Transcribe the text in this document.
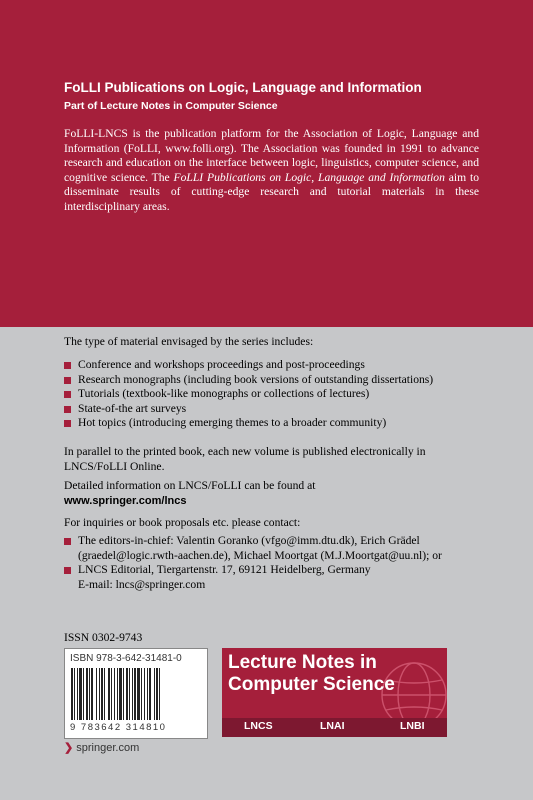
FoLLI Publications on Logic, Language and Information
Part of Lecture Notes in Computer Science
FoLLI-LNCS is the publication platform for the Association of Logic, Language and Information (FoLLI, www.folli.org). The Association was founded in 1991 to advance research and education on the interface between logic, linguistics, computer science, and cognitive science. The FoLLI Publications on Logic, Language and Information aim to disseminate results of cutting-edge research and tutorial materials in these interdisciplinary areas.
The type of material envisaged by the series includes:
Conference and workshops proceedings and post-proceedings
Research monographs (including book versions of outstanding dissertations)
Tutorials (textbook-like monographs or collections of lectures)
State-of-the art surveys
Hot topics (introducing emerging themes to a broader community)
In parallel to the printed book, each new volume is published electronically in
LNCS/FoLLI Online.
Detailed information on LNCS/FoLLI can be found at
www.springer.com/lncs
For inquiries or book proposals etc. please contact:
The editors-in-chief: Valentin Goranko (vfgo@imm.dtu.dk), Erich Grädel
(graedel@logic.rwth-aachen.de), Michael Moortgat (M.J.Moortgat@uu.nl); or
LNCS Editorial, Tiergartenstr. 17, 69121 Heidelberg, Germany
E-mail: lncs@springer.com
ISSN 0302-9743
ISBN 978-3-642-31481-0
9 783642 314810
Lecture Notes in
Computer Science
LNCS	LNAI	LNBI
❯ springer.com
